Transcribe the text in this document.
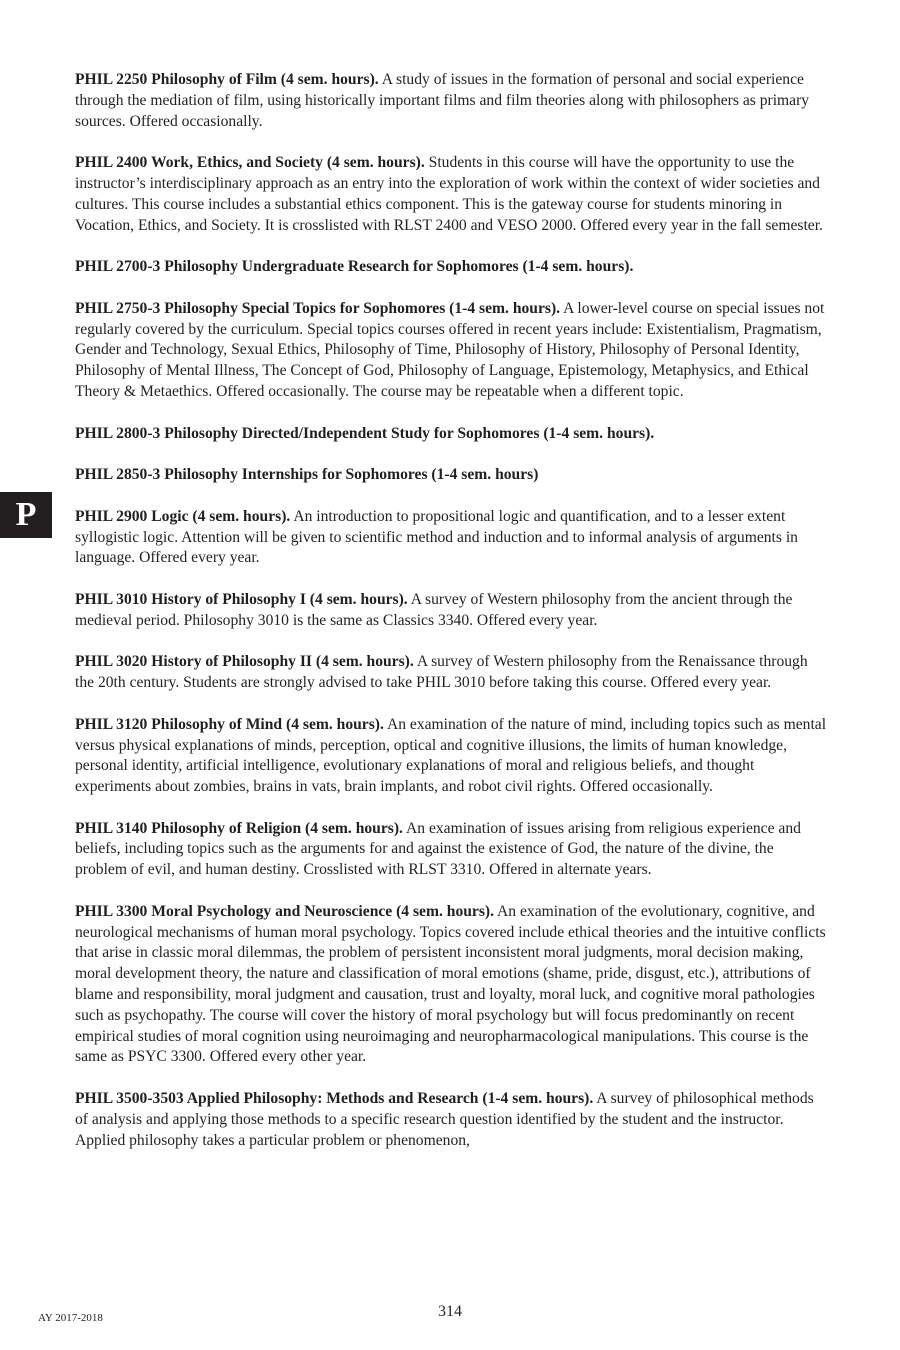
P

PHIL 2250 Philosophy of Film (4 sem. hours). A study of issues in the formation of personal and social experience through the mediation of film, using historically important films and film theories along with philosophers as primary sources. Offered occasionally.

PHIL 2400 Work, Ethics, and Society (4 sem. hours). Students in this course will have the opportunity to use the instructor’s interdisciplinary approach as an entry into the exploration of work within the context of wider societies and cultures. This course includes a substantial ethics component. This is the gateway course for students minoring in Vocation, Ethics, and Society. It is crosslisted with RLST 2400 and VESO 2000. Offered every year in the fall semester.

PHIL 2700-3 Philosophy Undergraduate Research for Sophomores (1-4 sem. hours).

PHIL 2750-3 Philosophy Special Topics for Sophomores (1-4 sem. hours). A lower-level course on special issues not regularly covered by the curriculum. Special topics courses offered in recent years include: Existentialism, Pragmatism, Gender and Technology, Sexual Ethics, Philosophy of Time, Philosophy of History, Philosophy of Personal Identity, Philosophy of Mental Illness, The Concept of God, Philosophy of Language, Epistemology, Metaphysics, and Ethical Theory & Metaethics. Offered occasionally. The course may be repeatable when a different topic.

PHIL 2800-3 Philosophy Directed/Independent Study for Sophomores (1-4 sem. hours).

PHIL 2850-3 Philosophy Internships for Sophomores (1-4 sem. hours)

PHIL 2900 Logic (4 sem. hours). An introduction to propositional logic and quantification, and to a lesser extent syllogistic logic. Attention will be given to scientific method and induction and to informal analysis of arguments in language. Offered every year.

PHIL 3010 History of Philosophy I (4 sem. hours). A survey of Western philosophy from the ancient through the medieval period. Philosophy 3010 is the same as Classics 3340. Offered every year.

PHIL 3020 History of Philosophy II (4 sem. hours). A survey of Western philosophy from the Renaissance through the 20th century. Students are strongly advised to take PHIL 3010 before taking this course. Offered every year.

PHIL 3120 Philosophy of Mind (4 sem. hours). An examination of the nature of mind, including topics such as mental versus physical explanations of minds, perception, optical and cognitive illusions, the limits of human knowledge, personal identity, artificial intelligence, evolutionary explanations of moral and religious beliefs, and thought experiments about zombies, brains in vats, brain implants, and robot civil rights. Offered occasionally.

PHIL 3140 Philosophy of Religion (4 sem. hours). An examination of issues arising from religious experience and beliefs, including topics such as the arguments for and against the existence of God, the nature of the divine, the problem of evil, and human destiny. Crosslisted with RLST 3310. Offered in alternate years.

PHIL 3300 Moral Psychology and Neuroscience (4 sem. hours). An examination of the evolutionary, cognitive, and neurological mechanisms of human moral psychology. Topics covered include ethical theories and the intuitive conflicts that arise in classic moral dilemmas, the problem of persistent inconsistent moral judgments, moral decision making, moral development theory, the nature and classification of moral emotions (shame, pride, disgust, etc.), attributions of blame and responsibility, moral judgment and causation, trust and loyalty, moral luck, and cognitive moral pathologies such as psychopathy. The course will cover the history of moral psychology but will focus predominantly on recent empirical studies of moral cognition using neuroimaging and neuropharmacological manipulations. This course is the same as PSYC 3300. Offered every other year.

PHIL 3500-3503 Applied Philosophy: Methods and Research (1-4 sem. hours). A survey of philosophical methods of analysis and applying those methods to a specific research question identified by the student and the instructor. Applied philosophy takes a particular problem or phenomenon,

AY 2017-2018	314
